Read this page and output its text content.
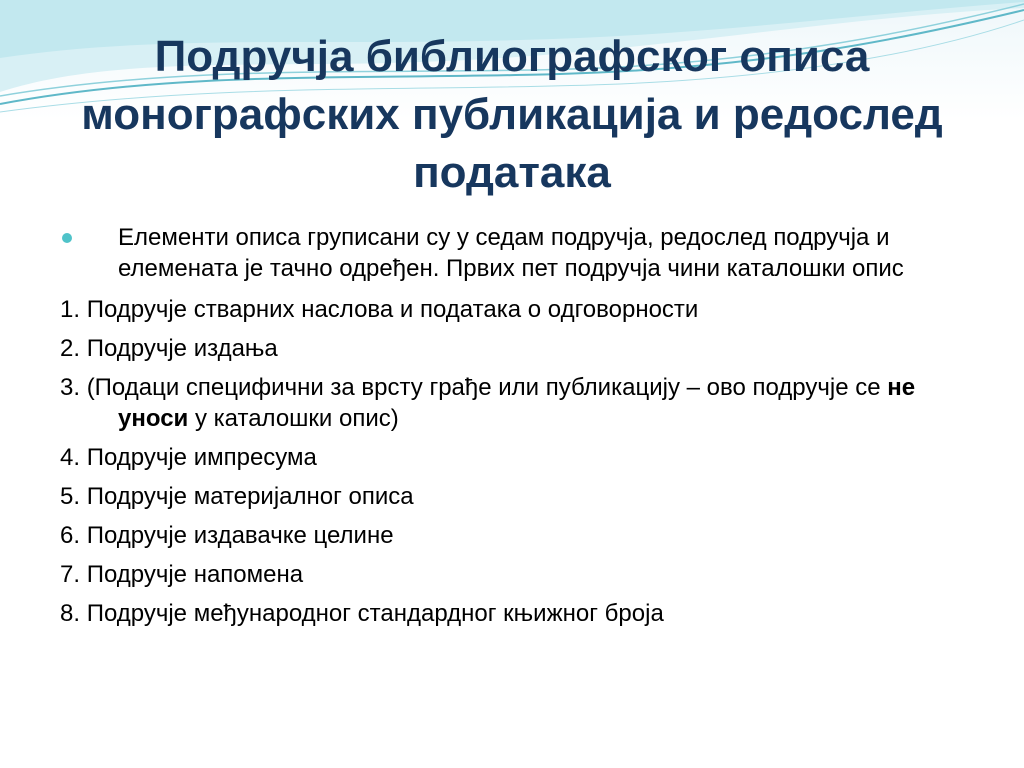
Подручја библиографског описа монографских публикација и редослед података

Елементи описа груписани су у седам подручја, редослед подручја и елемената је тачно одређен. Првих пет подручја чини каталошки опис

1. Подручје стварних наслова и података о одговорности

2. Подручје издања

3. (Подаци специфични за врсту грађе или публикацију – ово подручје се не уноси у каталошки опис)

4. Подручје импресума

5. Подручје материјалног описа

6. Подручје издавачке целине

7. Подручје напомена

8. Подручје међународног стандардног књижног броја
